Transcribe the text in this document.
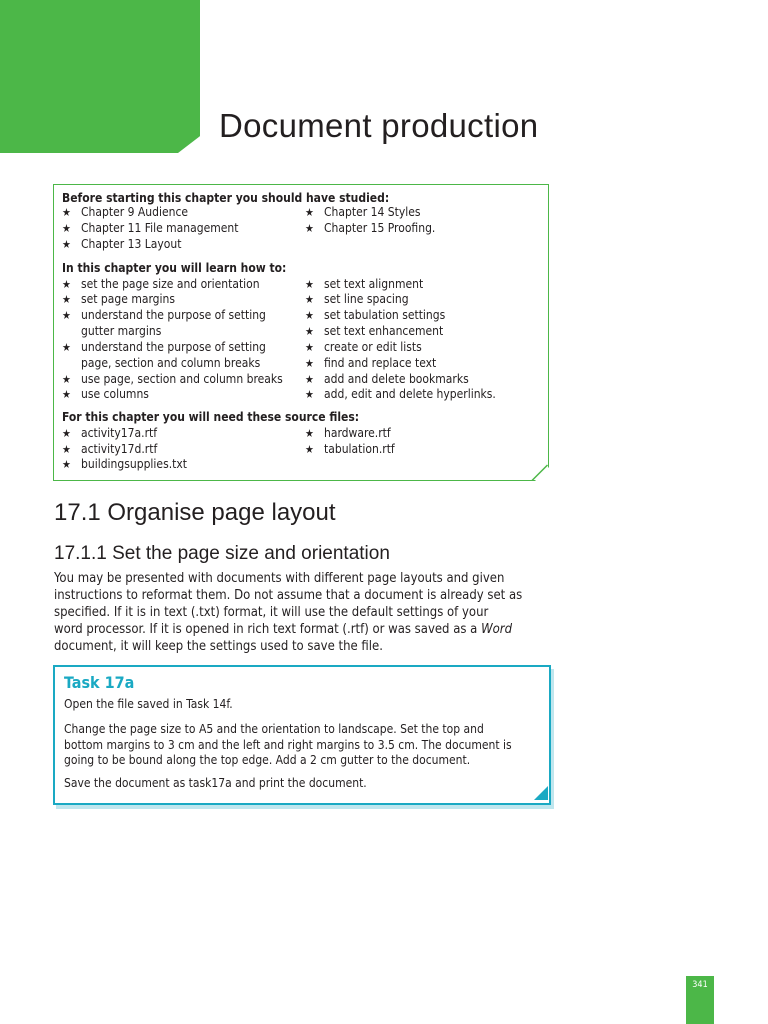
17
Document production
Before starting this chapter you should have studied:
★ Chapter 9 Audience
★ Chapter 11 File management
★ Chapter 13 Layout
★ Chapter 14 Styles
★ Chapter 15 Proofing.
In this chapter you will learn how to:
★ set the page size and orientation
★ set page margins
★ understand the purpose of setting
gutter margins
★ understand the purpose of setting
page, section and column breaks
★ use page, section and column breaks
★ use columns
★ set text alignment
★ set line spacing
★ set tabulation settings
★ set text enhancement
★ create or edit lists
★ find and replace text
★ add and delete bookmarks
★ add, edit and delete hyperlinks.
For this chapter you will need these source files:
★ activity17a.rtf
★ activity17d.rtf
★ buildingsupplies.txt
★ hardware.rtf
★ tabulation.rtf
17.1 Organise page layout
17.1.1 Set the page size and orientation
You may be presented with documents with different page layouts and given
instructions to reformat them. Do not assume that a document is already set as
specified. If it is in text (.txt) format, it will use the default settings of your
word processor. If it is opened in rich text format (.rtf) or was saved as a Word
document, it will keep the settings used to save the file.
Task 17a
Open the file saved in Task 14f.
Change the page size to A5 and the orientation to landscape. Set the top and
bottom margins to 3 cm and the left and right margins to 3.5 cm. The document is
going to be bound along the top edge. Add a 2 cm gutter to the document.
Save the document as task17a and print the document.
341
